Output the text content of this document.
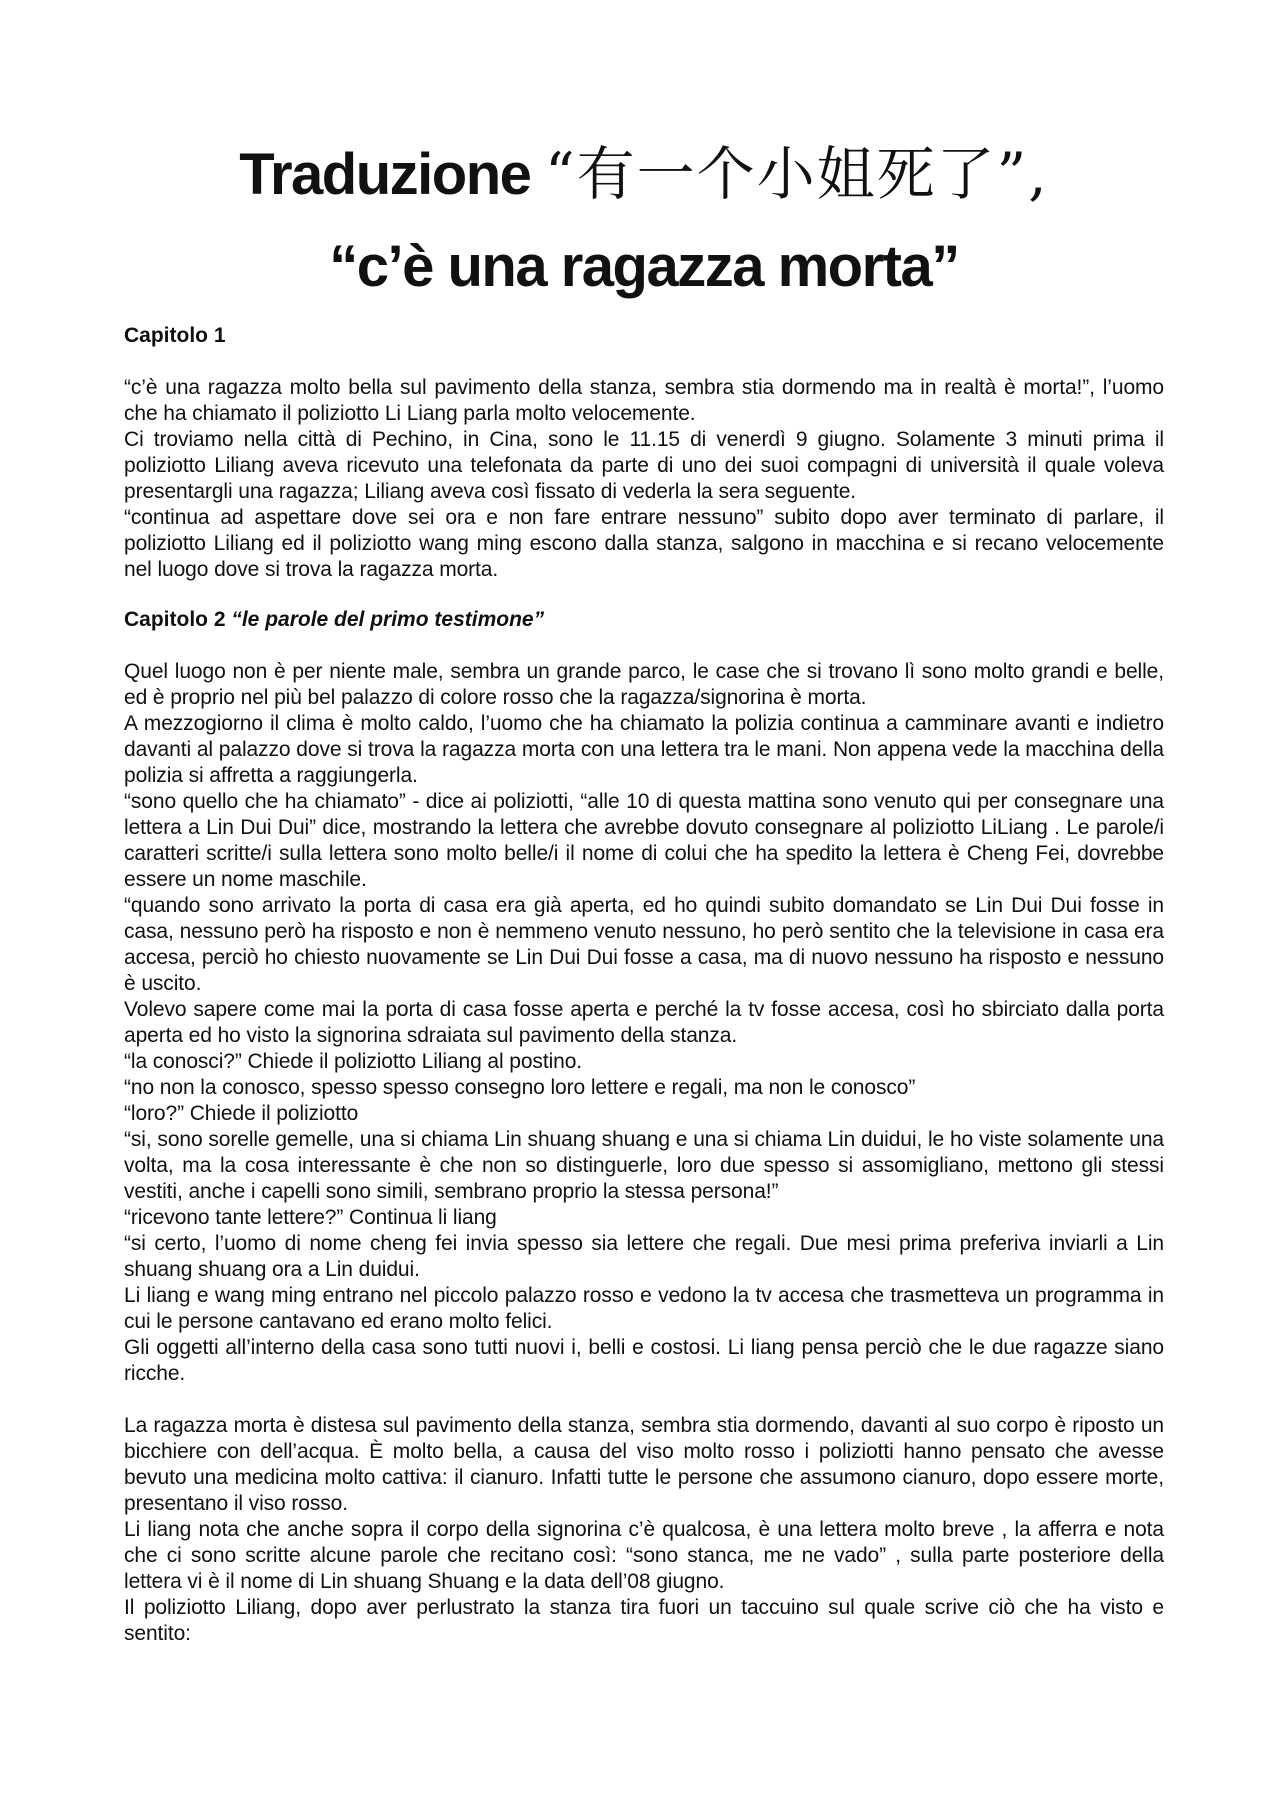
Traduzione “有一个小姐死了”,
“c’è una ragazza morta”
Capitolo 1

“c’è una ragazza molto bella sul pavimento della stanza, sembra stia dormendo ma in realtà è morta!”, l’uomo che ha chiamato il poliziotto Li Liang parla molto velocemente.

Ci troviamo nella città di Pechino, in Cina, sono le 11.15 di venerdì 9 giugno. Solamente 3 minuti prima il poliziotto Liliang aveva ricevuto una telefonata da parte di uno dei suoi compagni di università il quale voleva presentargli una ragazza; Liliang aveva così fissato di vederla la sera seguente.

“continua ad aspettare dove sei ora e non fare entrare nessuno” subito dopo aver terminato di parlare, il poliziotto Liliang ed il poliziotto wang ming escono dalla stanza, salgono in macchina e si recano velocemente nel luogo dove si trova la ragazza morta.

Capitolo 2 “le parole del primo testimone”

Quel luogo non è per niente male, sembra un grande parco, le case che si trovano lì sono molto grandi e belle, ed è proprio nel più bel palazzo di colore rosso che la ragazza/signorina è morta.

A mezzogiorno il clima è molto caldo, l’uomo che ha chiamato la polizia continua a camminare avanti e indietro davanti al palazzo dove si trova la ragazza morta con una lettera tra le mani. Non appena vede la macchina della polizia si affretta a raggiungerla.

“sono quello che ha chiamato” - dice ai poliziotti, “alle 10 di questa mattina sono venuto qui per consegnare una lettera a Lin Dui Dui” dice, mostrando la lettera che avrebbe dovuto consegnare al poliziotto LiLiang . Le parole/i caratteri scritte/i sulla lettera sono molto belle/i il nome di colui che ha spedito la lettera è Cheng Fei, dovrebbe essere un nome maschile.

“quando sono arrivato la porta di casa era già aperta, ed ho quindi subito domandato se Lin Dui Dui fosse in casa, nessuno però ha risposto e non è nemmeno venuto nessuno, ho però sentito che la televisione in casa era accesa, perciò ho chiesto nuovamente se Lin Dui Dui fosse a casa, ma di nuovo nessuno ha risposto e nessuno è uscito.

Volevo sapere come mai la porta di casa fosse aperta e perché la tv fosse accesa, così ho sbirciato dalla porta aperta ed ho visto la signorina sdraiata sul pavimento della stanza.

“la conosci?” Chiede il poliziotto Liliang al postino.

“no non la conosco, spesso spesso consegno loro lettere e regali, ma non le conosco”

“loro?” Chiede il poliziotto

“si, sono sorelle gemelle, una si chiama Lin shuang shuang e una si chiama Lin duidui, le ho viste solamente una volta, ma la cosa interessante è che non so distinguerle, loro due spesso si assomigliano, mettono gli stessi vestiti, anche i capelli sono simili, sembrano proprio la stessa persona!”

“ricevono tante lettere?” Continua li liang

“si certo, l’uomo di nome cheng fei invia spesso sia lettere che regali. Due mesi prima preferiva inviarli a Lin shuang shuang ora a Lin duidui.

Li liang e wang ming entrano nel piccolo palazzo rosso e vedono la tv accesa che trasmetteva un programma in cui le persone cantavano ed erano molto felici.

Gli oggetti all’interno della casa sono tutti nuovi i, belli e costosi. Li liang pensa perciò che le due ragazze siano ricche.

La ragazza morta è distesa sul pavimento della stanza, sembra stia dormendo, davanti al suo corpo è riposto un bicchiere con dell’acqua. È molto bella, a causa del viso molto rosso i poliziotti hanno pensato che avesse bevuto una medicina molto cattiva: il cianuro. Infatti tutte le persone che assumono cianuro, dopo essere morte, presentano il viso rosso.

Li liang nota che anche sopra il corpo della signorina c’è qualcosa, è una lettera molto breve , la afferra e nota che ci sono scritte alcune parole che recitano così: “sono stanca, me ne vado” , sulla parte posteriore della lettera vi è il nome di Lin shuang Shuang e la data dell’08 giugno.

Il poliziotto Liliang, dopo aver perlustrato la stanza tira fuori un taccuino sul quale scrive ciò che ha visto e sentito:
